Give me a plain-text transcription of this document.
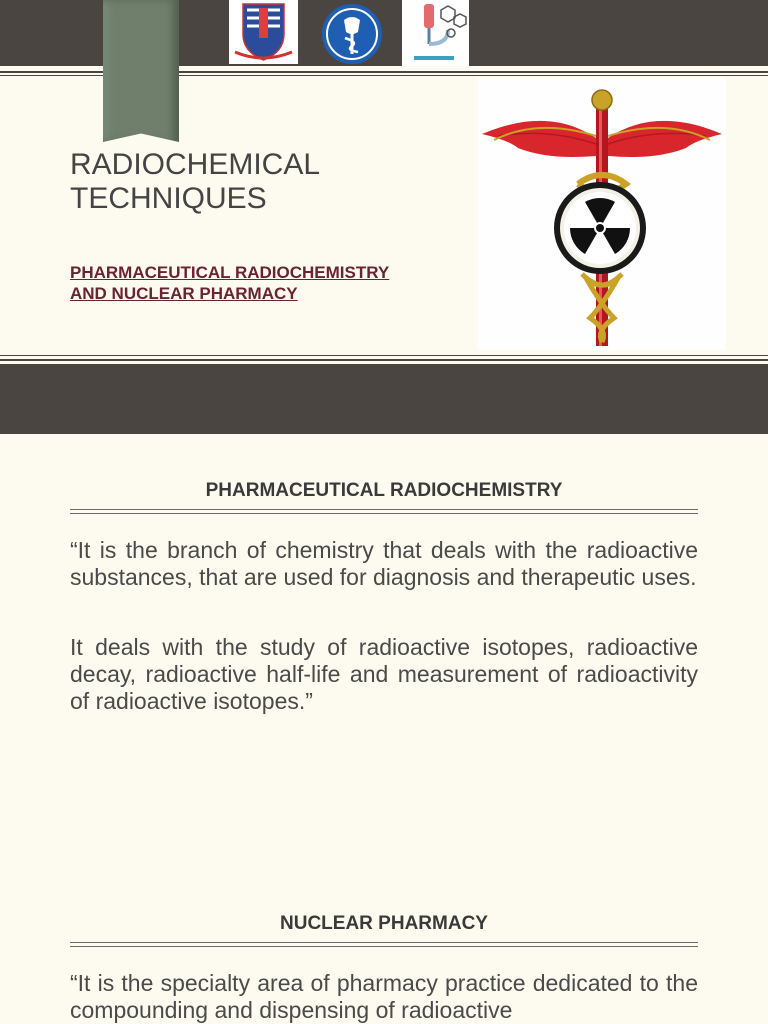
RADIOCHEMICAL
TECHNIQUES
PHARMACEUTICAL RADIOCHEMISTRY
AND NUCLEAR PHARMACY
PHARMACEUTICAL RADIOCHEMISTRY

“It is the branch of chemistry that deals with the radioactive substances, that are used for diagnosis and therapeutic uses.

It deals with the study of radioactive isotopes, radioactive decay, radioactive half-life and measurement of radioactivity of radioactive isotopes.”

NUCLEAR PHARMACY

“It is the specialty area of pharmacy practice dedicated to the compounding and dispensing of radioactive
